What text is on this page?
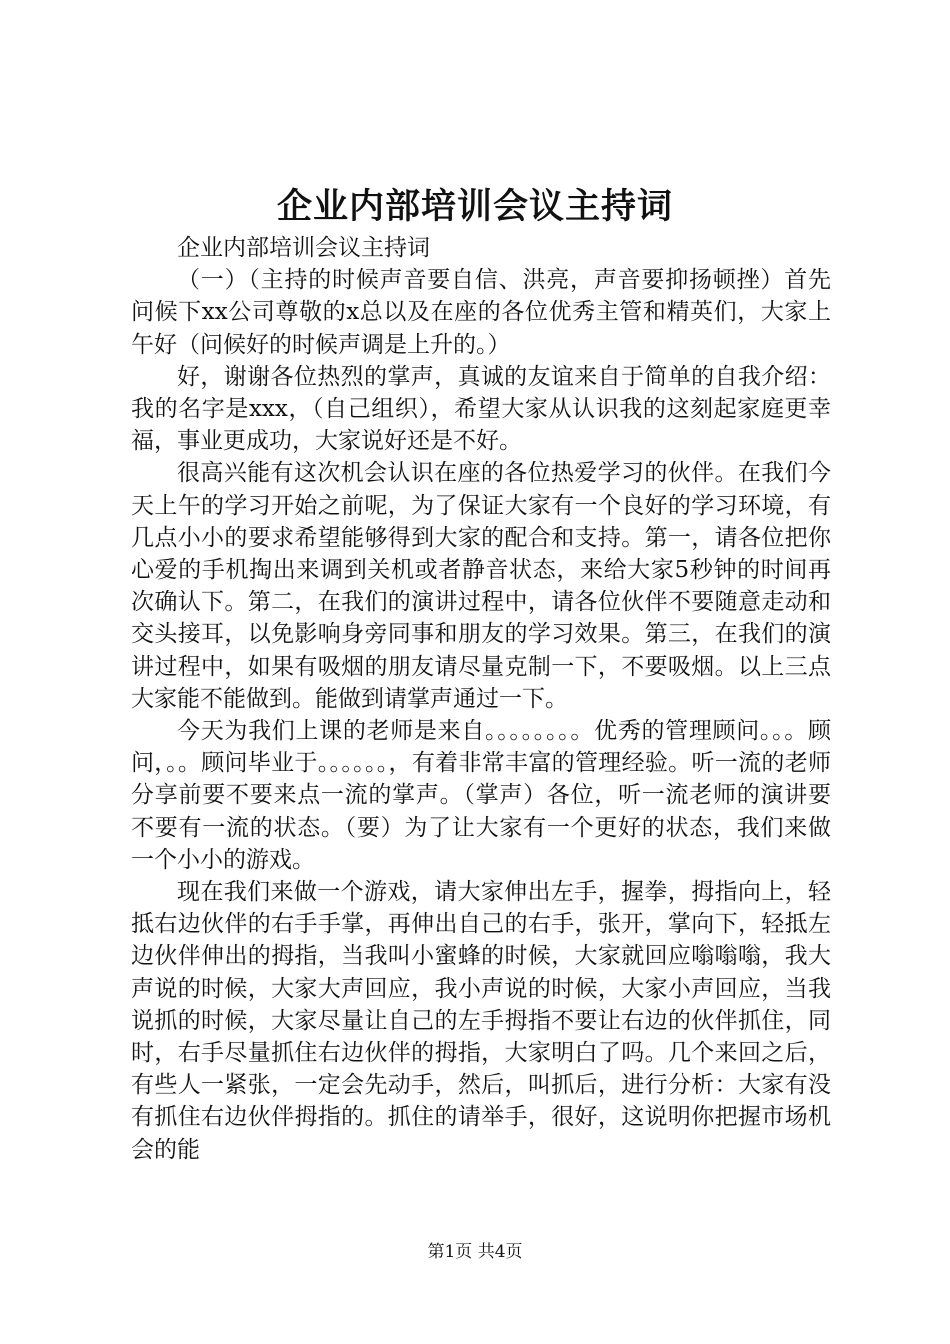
企业内部培训会议主持词

企业内部培训会议主持词

（一）（主持的时候声音要自信、洪亮，声音要抑扬顿挫）首先问候下xx公司尊敬的x总以及在座的各位优秀主管和精英们，大家上午好（问候好的时候声调是上升的。）

好，谢谢各位热烈的掌声，真诚的友谊来自于简单的自我介绍：我的名字是xxx，（自己组织），希望大家从认识我的这刻起家庭更幸福，事业更成功，大家说好还是不好。

很高兴能有这次机会认识在座的各位热爱学习的伙伴。在我们今天上午的学习开始之前呢，为了保证大家有一个良好的学习环境，有几点小小的要求希望能够得到大家的配合和支持。第一，请各位把你心爱的手机掏出来调到关机或者静音状态，来给大家5秒钟的时间再次确认下。第二，在我们的演讲过程中，请各位伙伴不要随意走动和交头接耳，以免影响身旁同事和朋友的学习效果。第三，在我们的演讲过程中，如果有吸烟的朋友请尽量克制一下，不要吸烟。以上三点大家能不能做到。能做到请掌声通过一下。

今天为我们上课的老师是来自。。。。。。。。优秀的管理顾问。。。顾问，。。顾问毕业于。。。。。。，有着非常丰富的管理经验。听一流的老师分享前要不要来点一流的掌声。（掌声）各位，听一流老师的演讲要不要有一流的状态。（要）为了让大家有一个更好的状态，我们来做一个小小的游戏。

现在我们来做一个游戏，请大家伸出左手，握拳，拇指向上，轻抵右边伙伴的右手手掌，再伸出自己的右手，张开，掌向下，轻抵左边伙伴伸出的拇指，当我叫小蜜蜂的时候，大家就回应嗡嗡嗡，我大声说的时候，大家大声回应，我小声说的时候，大家小声回应，当我说抓的时候，大家尽量让自己的左手拇指不要让右边的伙伴抓住，同时，右手尽量抓住右边伙伴的拇指，大家明白了吗。几个来回之后，有些人一紧张，一定会先动手，然后，叫抓后，进行分析：大家有没有抓住右边伙伴拇指的。抓住的请举手，很好，这说明你把握市场机会的能

第1页 共4页
